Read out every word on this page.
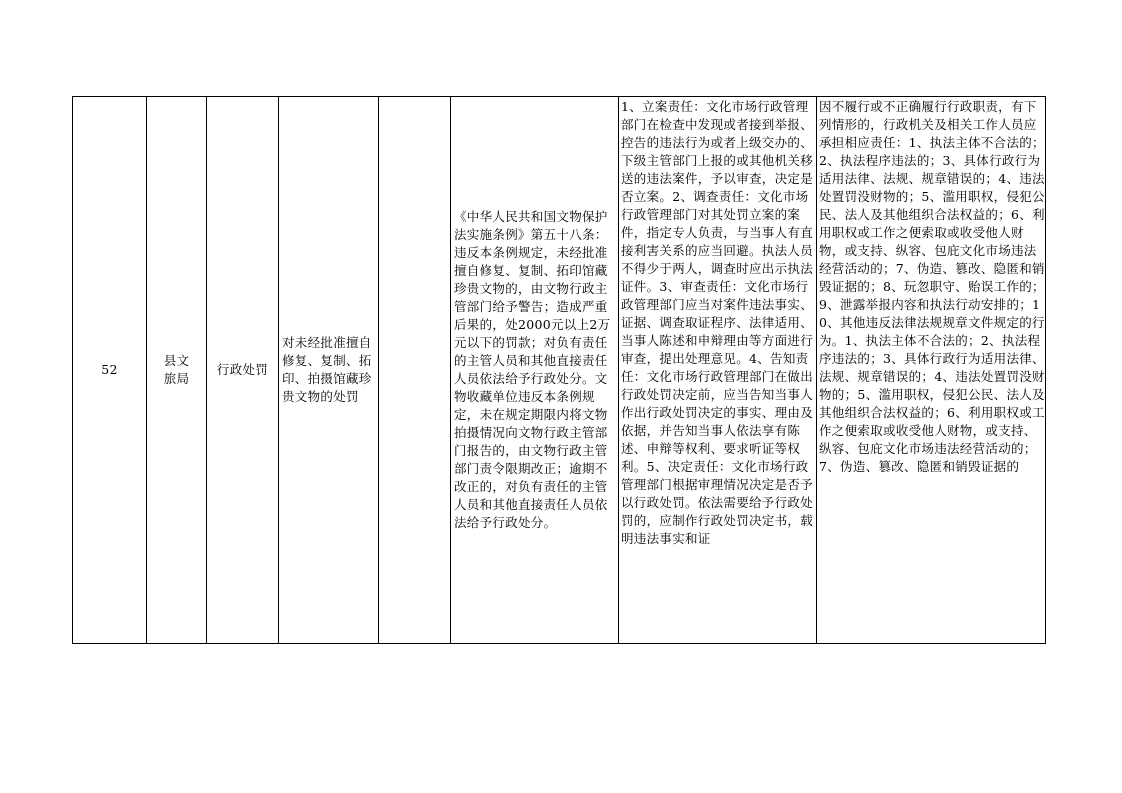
52
县文旅局
行政处罚
对未经批准擅自修复、复制、拓印、拍摄馆藏珍贵文物的处罚
《中华人民共和国文物保护法实施条例》第五十八条：违反本条例规定，未经批准擅自修复、复制、拓印馆藏珍贵文物的，由文物行政主管部门给予警告；造成严重后果的，处2000元以上2万元以下的罚款；对负有责任的主管人员和其他直接责任人员依法给予行政处分。文物收藏单位违反本条例规定，未在规定期限内将文物拍摄情况向文物行政主管部门报告的，由文物行政主管部门责令限期改正；逾期不改正的，对负有责任的主管人员和其他直接责任人员依法给予行政处分。
1、立案责任：文化市场行政管理部门在检查中发现或者接到举报、控告的违法行为或者上级交办的、下级主管部门上报的或其他机关移送的违法案件，予以审查，决定是否立案。2、调查责任：文化市场行政管理部门对其处罚立案的案件，指定专人负责，与当事人有直接利害关系的应当回避。执法人员不得少于两人，调查时应出示执法证件。3、审查责任：文化市场行政管理部门应当对案件违法事实、证据、调查取证程序、法律适用、当事人陈述和申辩理由等方面进行审查，提出处理意见。4、告知责任：文化市场行政管理部门在做出行政处罚决定前，应当告知当事人作出行政处罚决定的事实、理由及依据，并告知当事人依法享有陈述、申辩等权利、要求听证等权利。5、决定责任：文化市场行政管理部门根据审理情况决定是否予以行政处罚。依法需要给予行政处罚的，应制作行政处罚决定书，载明违法事实和证
因不履行或不正确履行行政职责，有下列情形的，行政机关及相关工作人员应承担相应责任：1、执法主体不合法的；2、执法程序违法的；3、具体行政行为适用法律、法规、规章错误的；4、违法处置罚没财物的；5、滥用职权，侵犯公民、法人及其他组织合法权益的；6、利用职权或工作之便索取或收受他人财物，或支持、纵容、包庇文化市场违法经营活动的；7、伪造、篡改、隐匿和销毁证据的；8、玩忽职守、贻误工作的；9、泄露举报内容和执法行动安排的；10、其他违反法律法规规章文件规定的行为。1、执法主体不合法的；2、执法程序违法的；3、具体行政行为适用法律、法规、规章错误的；4、违法处置罚没财物的；5、滥用职权，侵犯公民、法人及其他组织合法权益的；6、利用职权或工作之便索取或收受他人财物，或支持、纵容、包庇文化市场违法经营活动的；7、伪造、篡改、隐匿和销毁证据的
